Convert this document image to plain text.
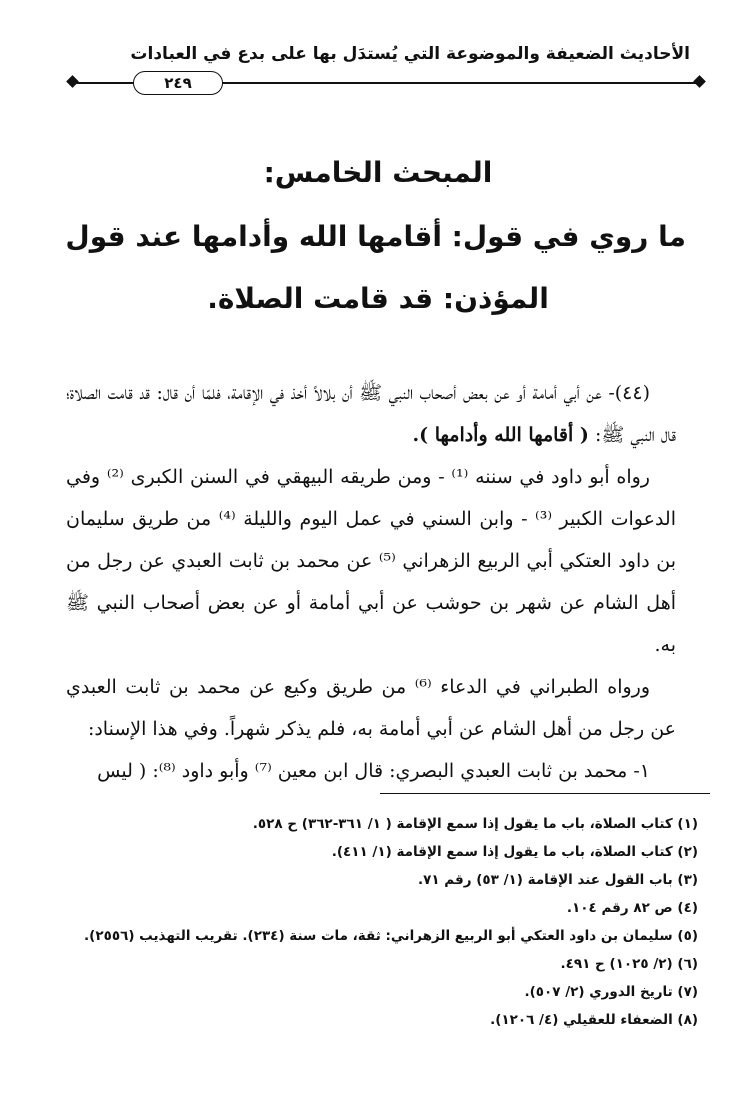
الأحاديث الضعيفة والموضوعة التي يُستدَل بها على بدع في العبادات
٢٤٩
المبحث الخامس:
ما روي في قول: أقامها الله وأدامها عند قول
المؤذن: قد قامت الصلاة.

(٤٤)- عن أبي أمامة أو عن بعض أصحاب النبي ﷺ أن بلالاً أخذ في الإقامة، فلمّا أن قال: قد قامت الصلاة؛ قال النبي ﷺ: ( أقامها الله وأدامها ).

رواه أبو داود في سننه ⁽¹⁾ - ومن طريقه البيهقي في السنن الكبرى ⁽²⁾ وفي الدعوات الكبير ⁽³⁾ - وابن السني في عمل اليوم والليلة ⁽⁴⁾ من طريق سليمان بن داود العتكي أبي الربيع الزهراني ⁽⁵⁾ عن محمد بن ثابت العبدي عن رجل من أهل الشام عن شهر بن حوشب عن أبي أمامة أو عن بعض أصحاب النبي ﷺ به.

ورواه الطبراني في الدعاء ⁽⁶⁾ من طريق وكيع عن محمد بن ثابت العبدي عن رجل من أهل الشام عن أبي أمامة به، فلم يذكر شهراً. وفي هذا الإسناد:

١- محمد بن ثابت العبدي البصري: قال ابن معين ⁽⁷⁾ وأبو داود ⁽⁸⁾: ( ليس

(١) كتاب الصلاة، باب ما يقول إذا سمع الإقامة ( ١/ ٣٦١-٣٦٢) ح ٥٢٨.
(٢) كتاب الصلاة، باب ما يقول إذا سمع الإقامة (١/ ٤١١).
(٣) باب القول عند الإقامة (١/ ٥٣) رقم ٧١.
(٤) ص ٨٢ رقم ١٠٤.
(٥) سليمان بن داود العتكي أبو الربيع الزهراني: ثقة، مات سنة (٢٣٤). تقريب التهذيب (٢٥٥٦).
(٦) (٢/ ١٠٢٥) ح ٤٩١.
(٧) تاريخ الدوري (٢/ ٥٠٧).
(٨) الضعفاء للعقيلي (٤/ ١٢٠٦).
